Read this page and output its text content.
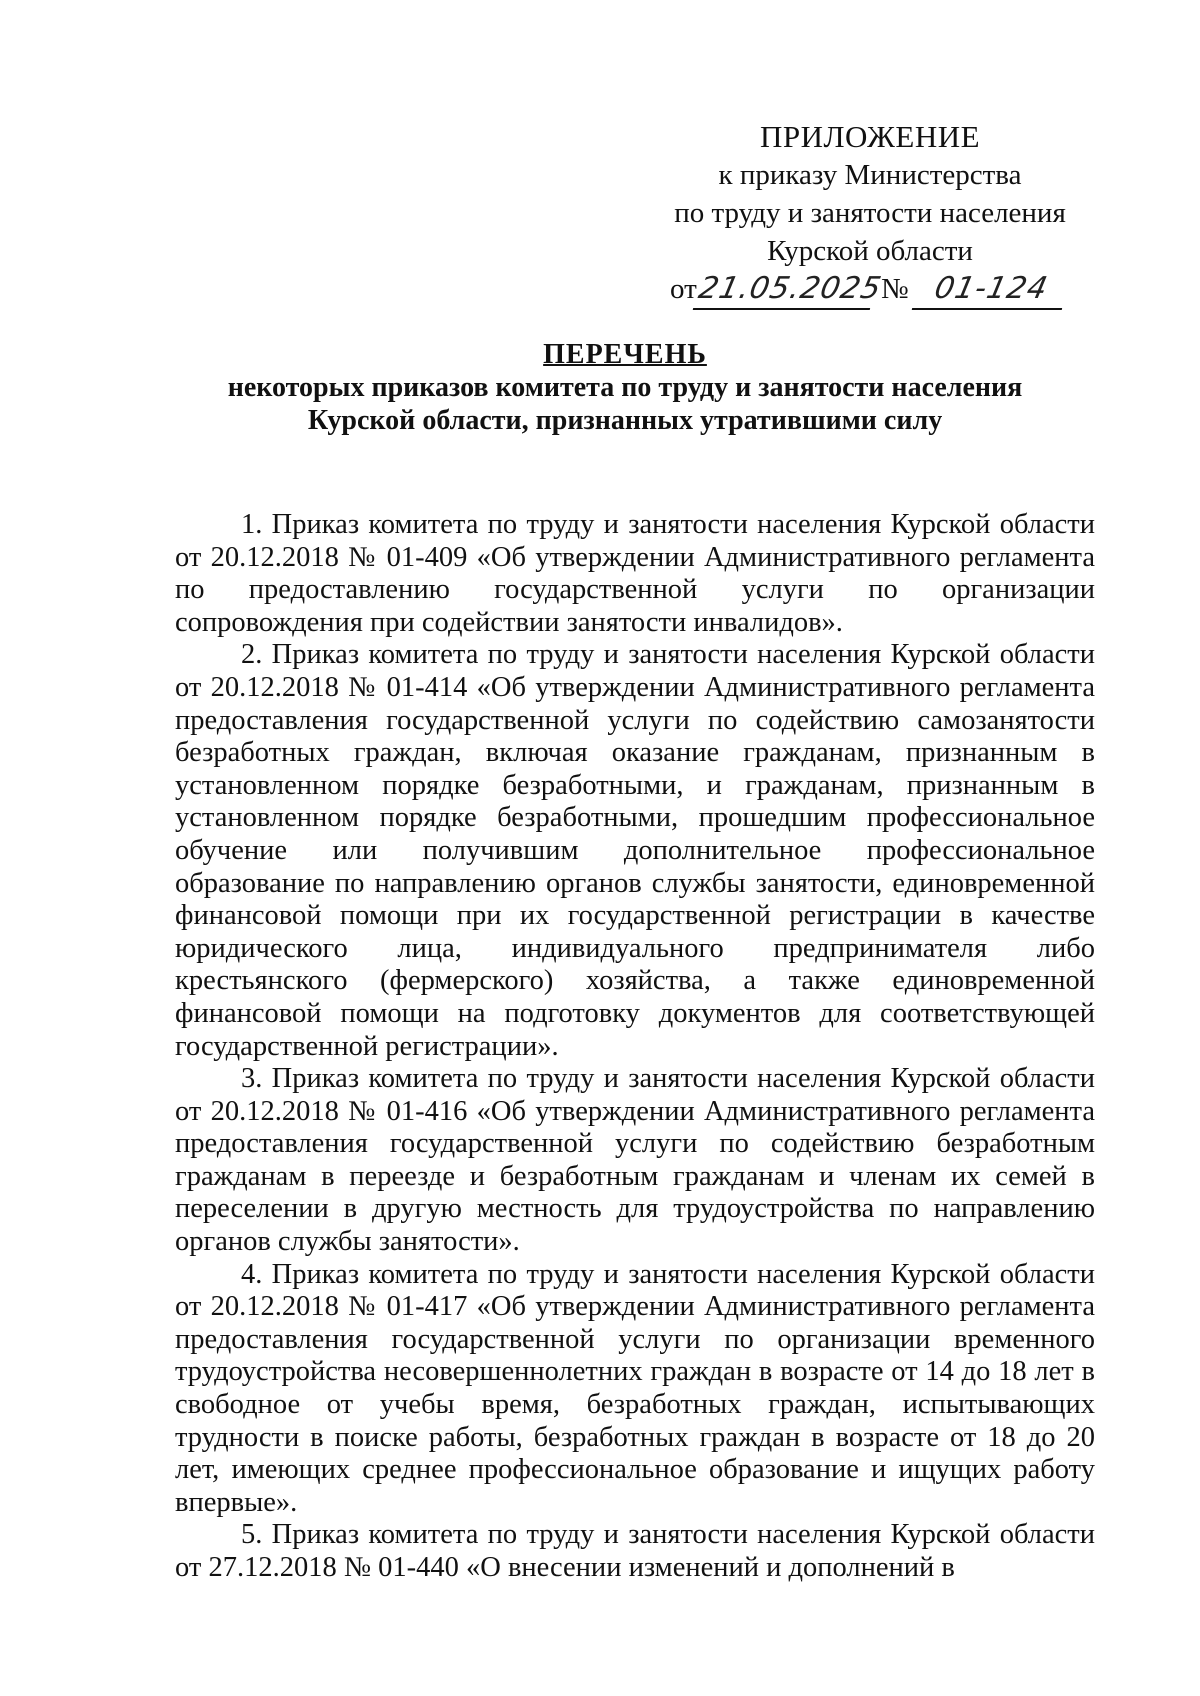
ПРИЛОЖЕНИЕ
к приказу Министерства
по труду и занятости населения
Курской области
от21.05.2025 № 01-124
ПЕРЕЧЕНЬ
некоторых приказов комитета по труду и занятости населения
Курской области, признанных утратившими силу

1. Приказ комитета по труду и занятости населения Курской области от 20.12.2018 № 01-409 «Об утверждении Административного регламента по предоставлению государственной услуги по организации сопровождения при содействии занятости инвалидов».

2. Приказ комитета по труду и занятости населения Курской области от 20.12.2018 № 01-414 «Об утверждении Административного регламента предоставления государственной услуги по содействию самозанятости безработных граждан, включая оказание гражданам, признанным в установленном порядке безработными, и гражданам, признанным в установленном порядке безработными, прошедшим профессиональное обучение или получившим дополнительное профессиональное образование по направлению органов службы занятости, единовременной финансовой помощи при их государственной регистрации в качестве юридического лица, индивидуального предпринимателя либо крестьянского (фермерского) хозяйства, а также единовременной финансовой помощи на подготовку документов для соответствующей государственной регистрации».

3. Приказ комитета по труду и занятости населения Курской области от 20.12.2018 № 01-416 «Об утверждении Административного регламента предоставления государственной услуги по содействию безработным гражданам в переезде и безработным гражданам и членам их семей в переселении в другую местность для трудоустройства по направлению органов службы занятости».

4. Приказ комитета по труду и занятости населения Курской области от 20.12.2018 № 01-417 «Об утверждении Административного регламента предоставления государственной услуги по организации временного трудоустройства несовершеннолетних граждан в возрасте от 14 до 18 лет в свободное от учебы время, безработных граждан, испытывающих трудности в поиске работы, безработных граждан в возрасте от 18 до 20 лет, имеющих среднее профессиональное образование и ищущих работу впервые».

5. Приказ комитета по труду и занятости населения Курской области от 27.12.2018 № 01-440 «О внесении изменений и дополнений в
